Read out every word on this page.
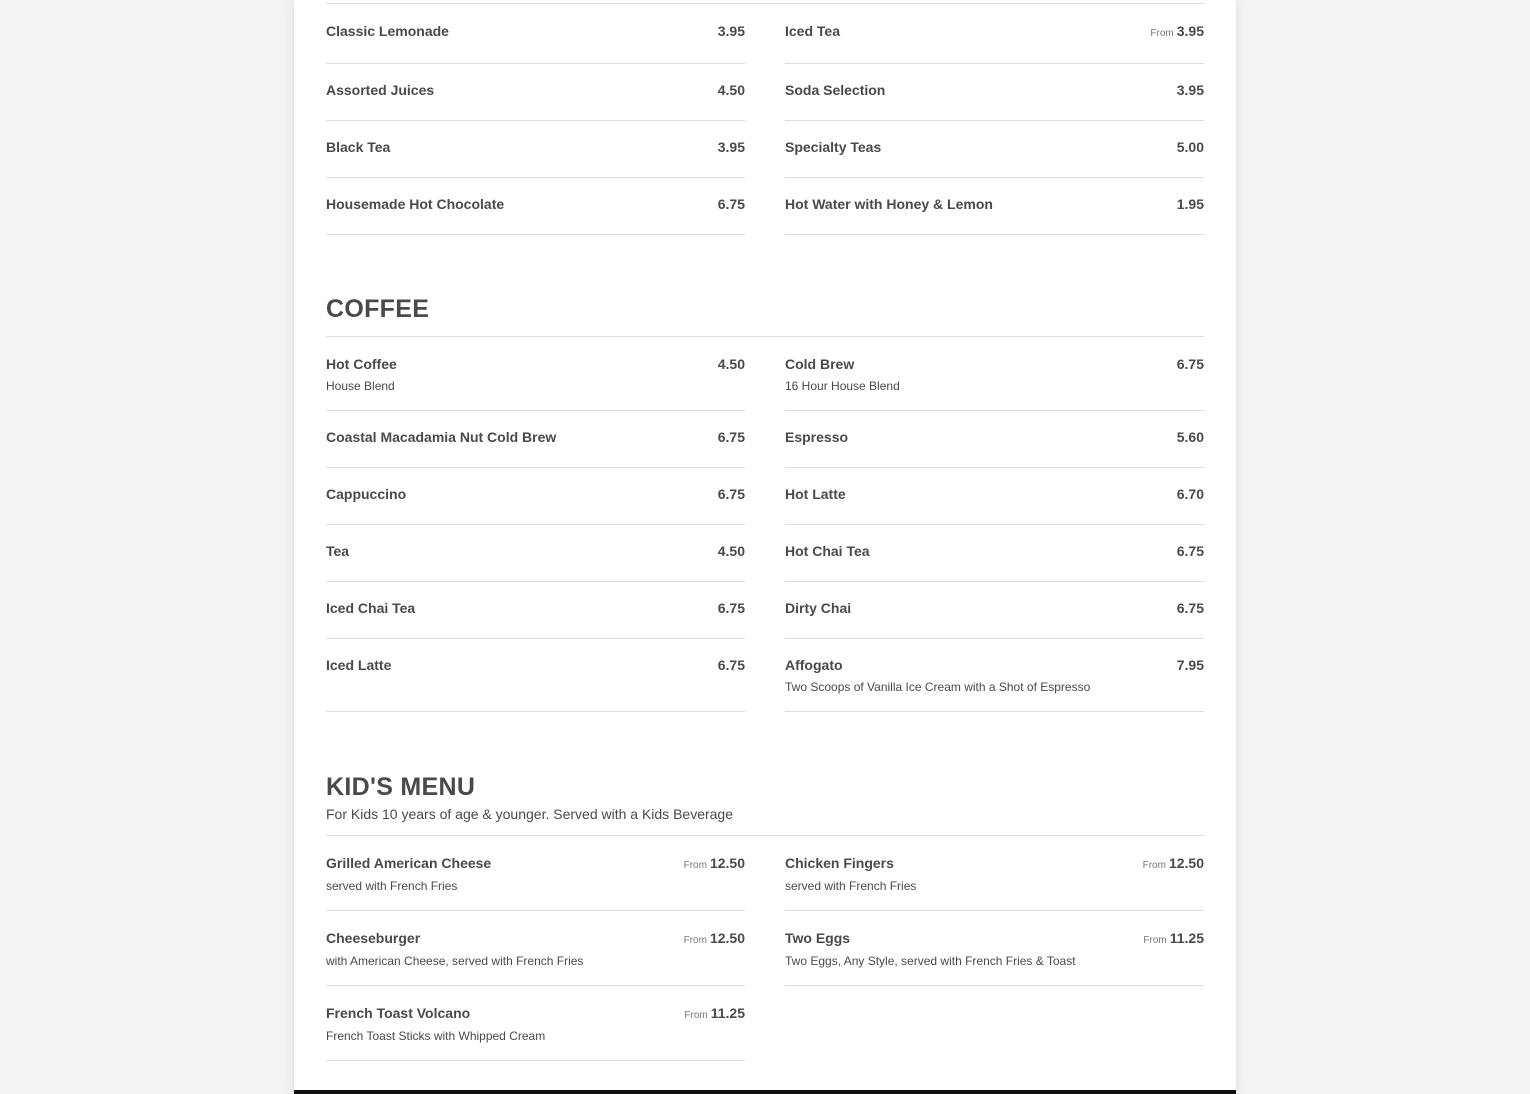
Classic Lemonade	3.95
Assorted Juices	4.50
Black Tea	3.95
Housemade Hot Chocolate	6.75
Iced Tea	From 3.95
Soda Selection	3.95
Specialty Teas	5.00
Hot Water with Honey & Lemon	1.95
COFFEE
Hot Coffee	4.50
House Blend
Coastal Macadamia Nut Cold Brew	6.75
Cappuccino	6.75
Tea	4.50
Iced Chai Tea	6.75
Iced Latte	6.75
Cold Brew	6.75
16 Hour House Blend
Espresso	5.60
Hot Latte	6.70
Hot Chai Tea	6.75
Dirty Chai	6.75
Affogato	7.95
Two Scoops of Vanilla Ice Cream with a Shot of Espresso
KID'S MENU
For Kids 10 years of age & younger. Served with a Kids Beverage
Grilled American Cheese	From 12.50
served with French Fries
Cheeseburger	From 12.50
with American Cheese, served with French Fries
French Toast Volcano	From 11.25
French Toast Sticks with Whipped Cream
Chicken Fingers	From 12.50
served with French Fries
Two Eggs	From 11.25
Two Eggs, Any Style, served with French Fries & Toast
